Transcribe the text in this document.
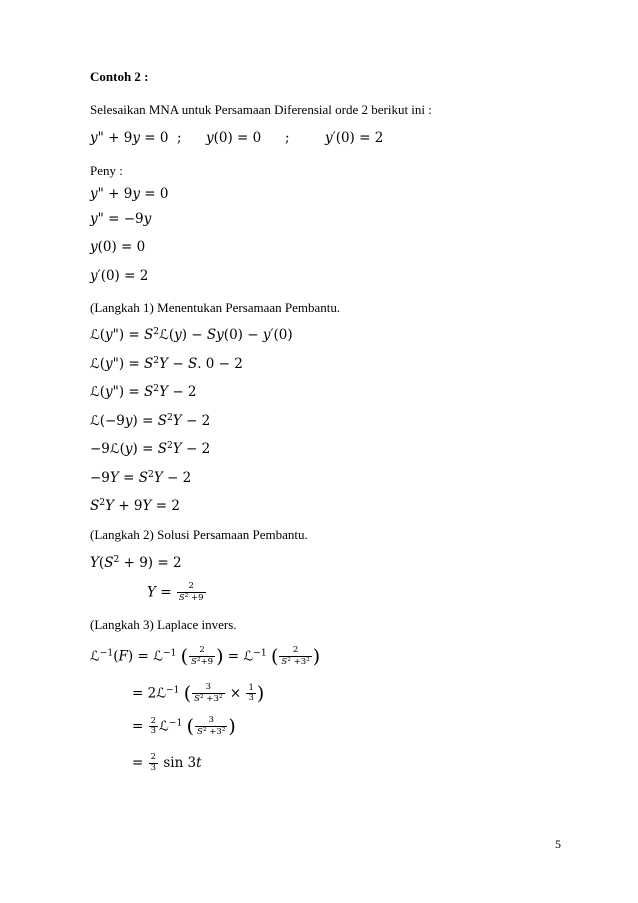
Contoh 2 :
Selesaikan MNA untuk Persamaan Diferensial orde 2 berikut ini :
y" + 9y = 0  ; y(0) = 0 ;	y′(0) = 2
Peny :
y" + 9y = 0
y" = −9y
y(0) = 0
y′(0) = 2
(Langkah 1) Menentukan Persamaan Pembantu.
ℒ(y") = $S^2ℒ(y) - Sy(0) - y'(0)$
ℒ(y") = $S^2Y - S$. 0 − 2
ℒ(y") = $S^2Y - 2$
ℒ(−9y) = $S^2Y - 2$
−9ℒ(y) = $S^2Y - 2$
$-9Y = S^2Y - 2$
$S^2Y + 9Y = 2$
(Langkah 2) Solusi Persamaan Pembantu.
$Y(S^2 + 9) = 2$
$Y = \frac{2}{S^2 +9}$
(Langkah 3) Laplace invers.
ℒ$^{-1}$(F) = ℒ$^{-1}$ ( $\frac{2}{S^2+9}$ ) = ℒ$^{-1}$ ( $\frac{2}{S^2 +3^2}$ )
= 2ℒ$^{-1}$ ( $\frac{3}{S^2 +3^2} \times \frac{1}{3}$ )
= $\frac{2}{3}$ ℒ$^{-1}$ ( $\frac{3}{S^2 +3^2}$ )
= $\frac{2}{3}$ sin 3t
5
